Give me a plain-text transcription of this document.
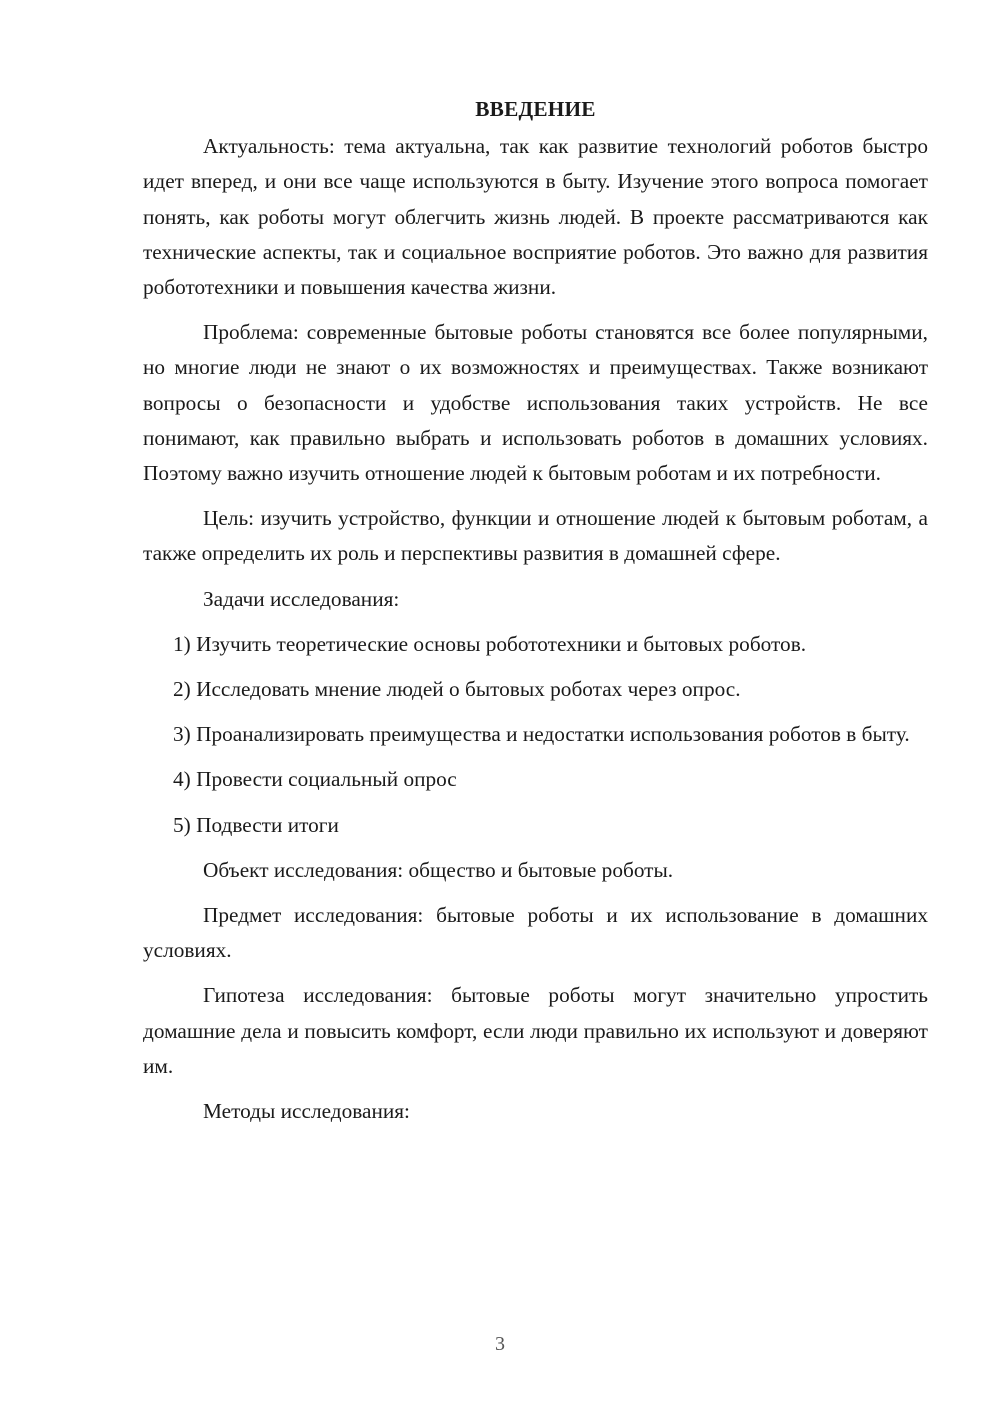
ВВЕДЕНИЕ

Актуальность: тема актуальна, так как развитие технологий роботов быстро идет вперед, и они все чаще используются в быту. Изучение этого вопроса помогает понять, как роботы могут облегчить жизнь людей. В проекте рассматриваются как технические аспекты, так и социальное восприятие роботов. Это важно для развития робототехники и повышения качества жизни.

Проблема: современные бытовые роботы становятся все более популярными, но многие люди не знают о их возможностях и преимуществах. Также возникают вопросы о безопасности и удобстве использования таких устройств. Не все понимают, как правильно выбрать и использовать роботов в домашних условиях. Поэтому важно изучить отношение людей к бытовым роботам и их потребности.

Цель: изучить устройство, функции и отношение людей к бытовым роботам, а также определить их роль и перспективы развития в домашней сфере.

Задачи исследования:

1) Изучить теоретические основы робототехники и бытовых роботов.

2) Исследовать мнение людей о бытовых роботах через опрос.

3) Проанализировать преимущества и недостатки использования роботов в быту.

4) Провести социальный опрос

5) Подвести итоги

Объект исследования: общество и бытовые роботы.

Предмет исследования: бытовые роботы и их использование в домашних условиях.

Гипотеза исследования: бытовые роботы могут значительно упростить домашние дела и повысить комфорт, если люди правильно их используют и доверяют им.

Методы исследования:

3
